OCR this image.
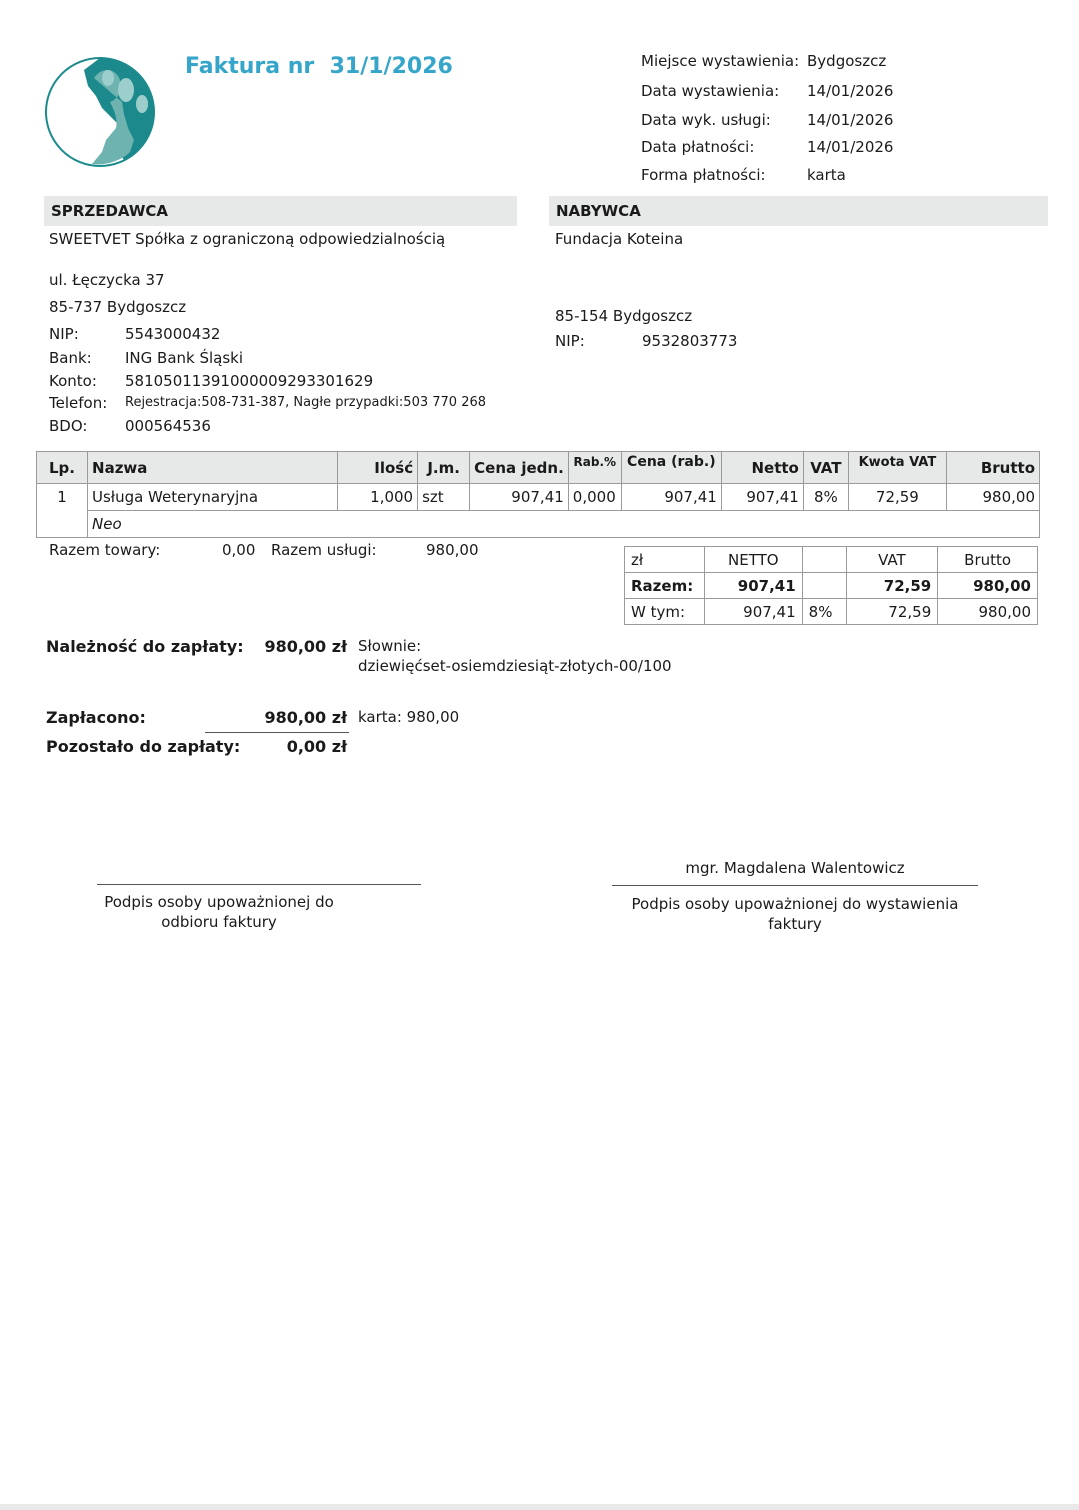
Faktura nr 31/1/2026	Miejsce wystawienia: Bydgoszcz
Data wystawienia: 14/01/2026
Data wyk. usługi: 14/01/2026
Data płatności:	14/01/2026
Forma płatności:	karta
SPRZEDAWCA
SWEETVET Spółka z ograniczoną odpowiedzialnością
ul. Łęczycka 37
85-737 Bydgoszcz
NIP:	5543000432
Bank: ING Bank Śląski
Konto: 58105011391000009293301629
Telefon: Rejestracja:508-731-387, Nagłe przypadki:503 770 268
BDO:	000564536
NABYWCA
Fundacja Koteina
85-154 Bydgoszcz
NIP:	9532803773
Lp.	Nazwa	Ilość	J.m.	Cena jedn.	Rab.%	Cena (rab.)	Netto	VAT	Kwota VAT	Brutto
1	Usługa Weterynaryjna	1,000	szt	907,41	0,000	907,41	907,41	8%	72,59	980,00
	Neo									
Razem towary:	0,00 Razem usługi:	980,00
zł	NETTO		VAT	Brutto
Razem:	907,41		72,59	980,00
W tym:	907,41	8%	72,59	980,00
Należność do zapłaty:	980,00 zł Słownie:
dziewięćset-osiemdziesiąt-złotych-00/100
Zapłacono:	980,00 zł karta: 980,00
Pozostało do zapłaty:	0,00 zł
mgr. Magdalena Walentowicz
Podpis osoby upoważnionej do odbioru faktury
Podpis osoby upoważnionej do wystawienia faktury
